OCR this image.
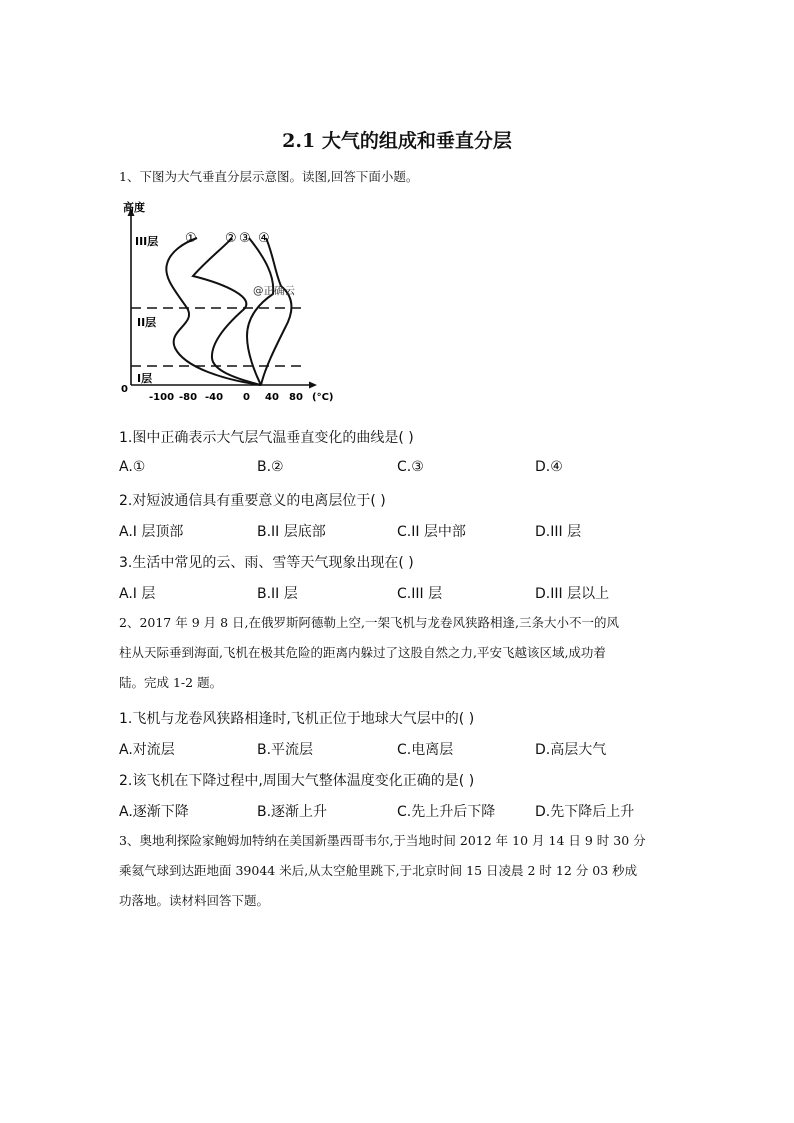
2.1 大气的组成和垂直分层
1、下图为大气垂直分层示意图。读图,回答下面小题。
高度
III层
II层
I层
① ② ③ ④
@正确云
0
-100 -80 -40 0 40 80 (°C)
1.图中正确表示大气层气温垂直变化的曲线是( )
A.①	B.②	C.③	D.④
2.对短波通信具有重要意义的电离层位于( )
A.I 层顶部	B.II 层底部	C.II 层中部	D.III 层
3.生活中常见的云、雨、雪等天气现象出现在( )
A.I 层	B.II 层	C.III 层	D.III 层以上
2、2017 年 9 月 8 日,在俄罗斯阿德勒上空,一架飞机与龙卷风狭路相逢,三条大小不一的风
柱从天际垂到海面,飞机在极其危险的距离内躲过了这股自然之力,平安飞越该区域,成功着
陆。完成 1-2 题。
1.飞机与龙卷风狭路相逢时,飞机正位于地球大气层中的( )
A.对流层	B.平流层	C.电离层	D.高层大气
2.该飞机在下降过程中,周围大气整体温度变化正确的是( )
A.逐渐下降	B.逐渐上升	C.先上升后下降	D.先下降后上升
3、奥地利探险家鲍姆加特纳在美国新墨西哥韦尔,于当地时间 2012 年 10 月 14 日 9 时 30 分
乘氦气球到达距地面 39044 米后,从太空舱里跳下,于北京时间 15 日凌晨 2 时 12 分 03 秒成
功落地。读材料回答下题。
